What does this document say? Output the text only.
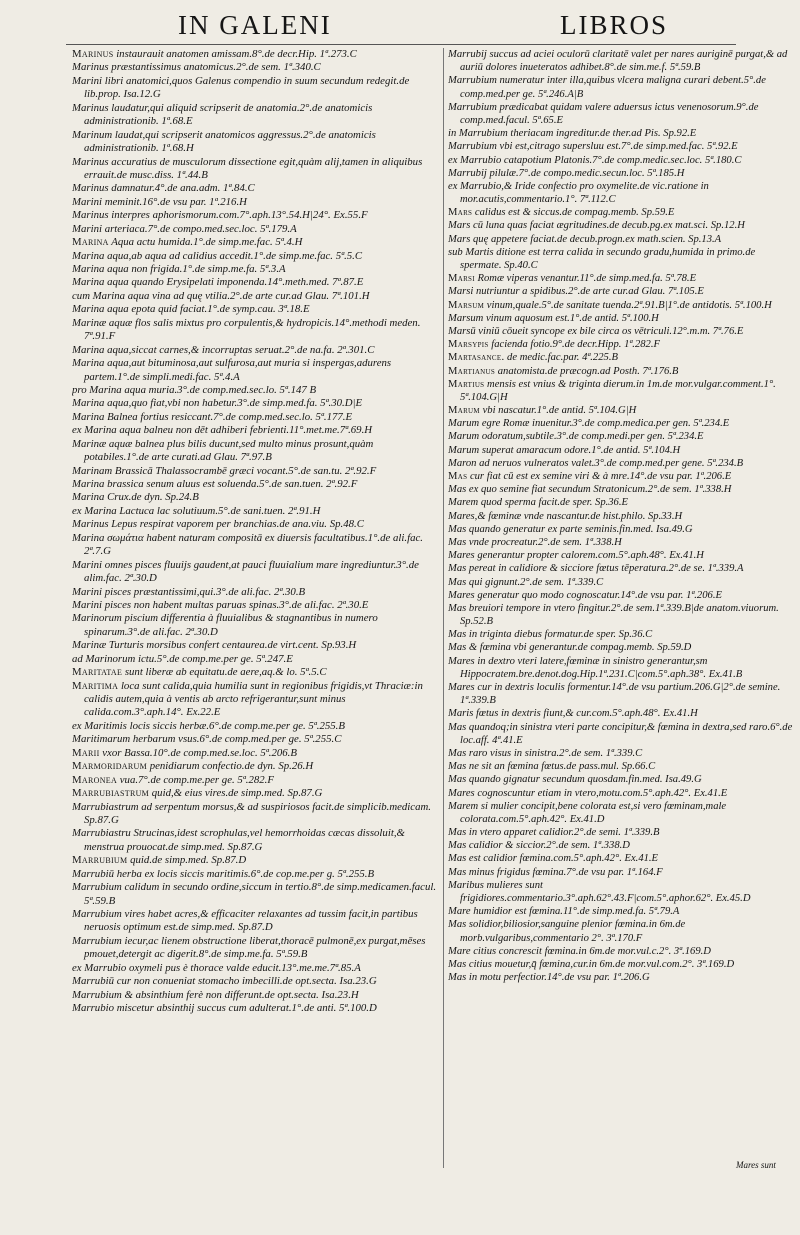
IN GALENI	LIBROS

Marinus instaurauit anatomen amissam.8°.de decr.Hip. 1ª.273.C

Marinus præstantissimus anatomicus.2°.de sem. 1ª.340.C

Marini libri anatomici,quos Galenus compendio in suum secundum redegit.de lib.prop. Isa.12.G

Marinus laudatur,qui aliquid scripserit de anatomia.2°.de anatomicis administrationib. 1ª.68.E

Marinum laudat,qui scripserit anatomicos aggressus.2°.de anatomicis administrationib. 1ª.68.H

Marinus accuratius de musculorum dissectione egit,quàm alij,tamen in aliquibus errauit.de musc.diss. 1ª.44.B

Marinus damnatur.4°.de ana.adm. 1ª.84.C

Marini meminit.16°.de vsu par. 1ª.216.H

Marinus interpres aphorismorum.com.7°.aph.13°.54.H|24°. Ex.55.F

Marini arteriaca.7°.de compo.med.sec.loc. 5ª.179.A

Marina Aqua actu humida.1°.de simp.me.fac. 5ª.4.H

Marina aqua,ab aqua ad calidius accedit.1°.de simp.me.fac. 5ª.5.C

Marina aqua non frigida.1°.de simp.me.fa. 5ª.3.A

Marina aqua quando Erysipelati imponenda.14°.meth.med. 7ª.87.E

cum Marina aqua vina ad quę vtilia.2°.de arte cur.ad Glau. 7ª.101.H

Marina aqua epota quid faciat.1°.de symp.cau. 3ª.18.E

Marinæ aquæ flos salis mixtus pro corpulentis,& hydropicis.14°.methodi meden. 7ª.91.F

Marina aqua,siccat carnes,& incorruptas seruat.2°.de na.fa. 2ª.301.C

Marina aqua,aut bituminosa,aut sulfurosa,aut muria si inspergas,adurens partem.1°.de simpli.medi.fac. 5ª.4.A

pro Marina aqua muria.3°.de comp.med.sec.lo. 5ª.147 B

Marina aqua,quo fiat,vbi non habetur.3°.de simp.med.fa. 5ª.30.D|E

Marina Balnea fortius resiccant.7°.de comp.med.sec.lo. 5ª.177.E

ex Marina aqua balneu non dēt adhiberi febrienti.11°.met.me.7ª.69.H

Marinæ aquæ balnea plus bilis ducunt,sed multo minus prosunt,quàm potabiles.1°.de arte curati.ad Glau. 7ª.97.B

Marinam Brassicā Thalassocrambē græci vocant.5°.de san.tu. 2ª.92.F

Marina brassica senum aluus est soluenda.5°.de san.tuen. 2ª.92.F

Marina Crux.de dyn. Sp.24.B

ex Marina Lactuca lac solutiuum.5°.de sani.tuen. 2ª.91.H

Marinus Lepus respirat vaporem per branchias.de ana.viu. Sp.48.C

Marina σωμάτια habent naturam compositā ex diuersis facultatibus.1°.de ali.fac. 2ª.7.G

Marini omnes pisces fluuijs gaudent,at pauci fluuialium mare ingrediuntur.3°.de alim.fac. 2ª.30.D

Marini pisces præstantissimi,qui.3°.de ali.fac. 2ª.30.B

Marini pisces non habent multas paruas spinas.3°.de ali.fac. 2ª.30.E

Marinorum piscium differentia à fluuialibus & stagnantibus in numero spinarum.3°.de ali.fac. 2ª.30.D

Marinæ Turturis morsibus confert centaurea.de virt.cent. Sp.93.H

ad Marinorum ictu.5°.de comp.me.per ge. 5ª.247.E

Maritatae sunt liberæ ab equitatu.de aere,aq.& lo. 5ª.5.C

Maritima loca sunt calida,quia humilia sunt in regionibus frigidis,vt Thraciæ:in calidis autem,quia à ventis ab arcto refrigerantur,sunt minus calida.com.3°.aph.14°. Ex.22.E

ex Maritimis locis siccis herbæ.6°.de comp.me.per ge. 5ª.255.B

Maritimarum herbarum vsus.6°.de comp.med.per ge. 5ª.255.C

Marii vxor Bassa.10°.de comp.med.se.loc. 5ª.206.B

Marmoridarum penidiarum confectio.de dyn. Sp.26.H

Maronea vua.7°.de comp.me.per ge. 5ª.282.F

Marrubiastrum quid,& eius vires.de simp.med. Sp.87.G

Marrubiastrum ad serpentum morsus,& ad suspiriosos facit.de simplicib.medicam. Sp.87.G

Marrubiastru Strucinas,idest scrophulas,vel hemorrhoidas cæcas dissoluit,& menstrua prouocat.de simp.med. Sp.87.G

Marrubium quid.de simp.med. Sp.87.D

Marrubiū herba ex locis siccis maritimis.6°.de cop.me.per g. 5ª.255.B

Marrubium calidum in secundo ordine,siccum in tertio.8°.de simp.medicamen.facul. 5ª.59.B

Marrubium vires habet acres,& efficaciter relaxantes ad tussim facit,in partibus neruosis optimum est.de simp.med. Sp.87.D

Marrubium iecur,ac lienem obstructione liberat,thoracē pulmonē,ex purgat,mēses pmouet,detergit ac digerit.8°.de simp.me.fa. 5ª.59.B

ex Marrubio oxymeli pus è thorace valde educit.13°.me.me.7ª.85.A

Marrubiū cur non conueniat stomacho imbecilli.de opt.secta. Isa.23.G

Marrubium & absinthium ferè non differunt.de opt.secta. Isa.23.H

Marrubio miscetur absinthij succus cum adulterat.1°.de anti. 5ª.100.D

Marrubij succus ad aciei oculorū claritatē valet per nares auriginē purgat,& ad auriū dolores inueteratos adhibet.8°.de sim.me.f. 5ª.59.B

Marrubium numeratur inter illa,quibus vlcera maligna curari debent.5°.de comp.med.per ge. 5ª.246.A|B

Marrubium prædicabat quidam valere aduersus ictus venenosorum.9°.de comp.med.facul. 5ª.65.E

in Marrubium theriacam ingreditur.de ther.ad Pis. Sp.92.E

Marrubium vbi est,citrago supersluu est.7°.de simp.med.fac. 5ª.92.E

ex Marrubio catapotium Platonis.7°.de comp.medic.sec.loc. 5ª.180.C

Marrubij pilulæ.7°.de compo.medic.secun.loc. 5ª.185.H

ex Marrubio,& Iride confectio pro oxymelite.de vic.ratione in mor.acutis,commentario.1°. 7ª.112.C

Mars calidus est & siccus.de compag.memb. Sp.59.E

Mars cū luna quas faciat ægritudines.de decub.pg.ex mat.sci. Sp.12.H

Mars quę appetere faciat.de decub.progn.ex math.scien. Sp.13.A

sub Martis ditione est terra calida in secundo gradu,humida in primo.de spermate. Sp.40.C

Marsi Romæ viperas venantur.11°.de simp.med.fa. 5ª.78.E

Marsi nutriuntur a spidibus.2°.de arte cur.ad Glau. 7ª.105.E

Marsum vinum,quale.5°.de sanitate tuenda.2ª.91.B|1°.de antidotis. 5ª.100.H

Marsum vinum aquosum est.1°.de antid. 5ª.100.H

Marsū viniū cōueit syncope ex bile circa os vētriculi.12°.m.m. 7ª.76.E

Marsypis facienda fotio.9°.de decr.Hipp. 1ª.282.F

Martasance. de medic.fac.par. 4ª.225.B

Martianus anatomista.de præcogn.ad Posth. 7ª.176.B

Martius mensis est vnius & triginta dierum.in 1m.de mor.vulgar.comment.1°. 5ª.104.G|H

Marum vbi nascatur.1°.de antid. 5ª.104.G|H

Marum egre Romæ inuenitur.3°.de comp.medica.per gen. 5ª.234.E

Marum odoratum,subtile.3°.de comp.medi.per gen. 5ª.234.E

Marum superat amaracum odore.1°.de antid. 5ª.104.H

Maron ad neruos vulneratos valet.3°.de comp.med.per gene. 5ª.234.B

Mas cur fiat cū est ex semine viri & à mre.14°.de vsu par. 1ª.206.E

Mas ex quo semine fiat secundum Stratonicum.2°.de sem. 1ª.338.H

Marem quod sperma facit.de sper. Sp.36.E

Mares,& fœminæ vnde nascantur.de hist.philo. Sp.33.H

Mas quando generatur ex parte seminis.fin.med. Isa.49.G

Mas vnde procreatur.2°.de sem. 1ª.338.H

Mares generantur propter calorem.com.5°.aph.48°. Ex.41.H

Mas pereat in calidiore & sicciore fœtus tēperatura.2°.de se. 1ª.339.A

Mas qui gignunt.2°.de sem. 1ª.339.C

Mares generatur quo modo cognoscatur.14°.de vsu par. 1ª.206.E

Mas breuiori tempore in vtero fingitur.2°.de sem.1ª.339.B|de anatom.viuorum. Sp.52.B

Mas in triginta diebus formatur.de sper. Sp.36.C

Mas & fœmina vbi generantur.de compag.memb. Sp.59.D

Mares in dextro vteri latere,fœminæ in sinistro generantur,sm Hippocratem.bre.denot.dog.Hip.1ª.231.C|com.5°.aph.38°. Ex.41.B

Mares cur in dextris loculis formentur.14°.de vsu partium.206.G|2°.de semine. 1ª.339.B

Maris fœtus in dextris fiunt,& cur.com.5°.aph.48°. Ex.41.H

Mas quandoq;in sinistra vteri parte concipitur,& fœmina in dextra,sed raro.6°.de loc.aff. 4ª.41.E

Mas raro visus in sinistra.2°.de sem. 1ª.339.C

Mas ne sit an fœmina fœtus.de pass.mul. Sp.66.C

Mas quando gignatur secundum quosdam.fin.med. Isa.49.G

Mares cognoscuntur etiam in vtero,motu.com.5°.aph.42°. Ex.41.E

Marem si mulier concipit,bene colorata est,si vero fœminam,male colorata.com.5°.aph.42°. Ex.41.D

Mas in vtero apparet calidior.2°.de semi. 1ª.339.B

Mas calidior & siccior.2°.de sem. 1ª.338.D

Mas est calidior fœmina.com.5°.aph.42°. Ex.41.E

Mas minus frigidus fœmina.7°.de vsu par. 1ª.164.F

Maribus mulieres sunt frigidiores.commentario.3°.aph.62°.43.F|com.5°.aphor.62°. Ex.45.D

Mare humidior est fœmina.11°.de simp.med.fa. 5ª.79.A

Mas solidior,biliosior,sanguine plenior fœmina.in 6m.de morb.vulgaribus,commentario 2°. 3ª.170.F

Mare citius concrescit fœmina.in 6m.de mor.vul.c.2°. 3ª.169.D

Mas citius mouetur,q̄ fœmina,cur.in 6m.de mor.vul.com.2°. 3ª.169.D

Mas in motu perfectior.14°.de vsu par. 1ª.206.G

Mares sunt
